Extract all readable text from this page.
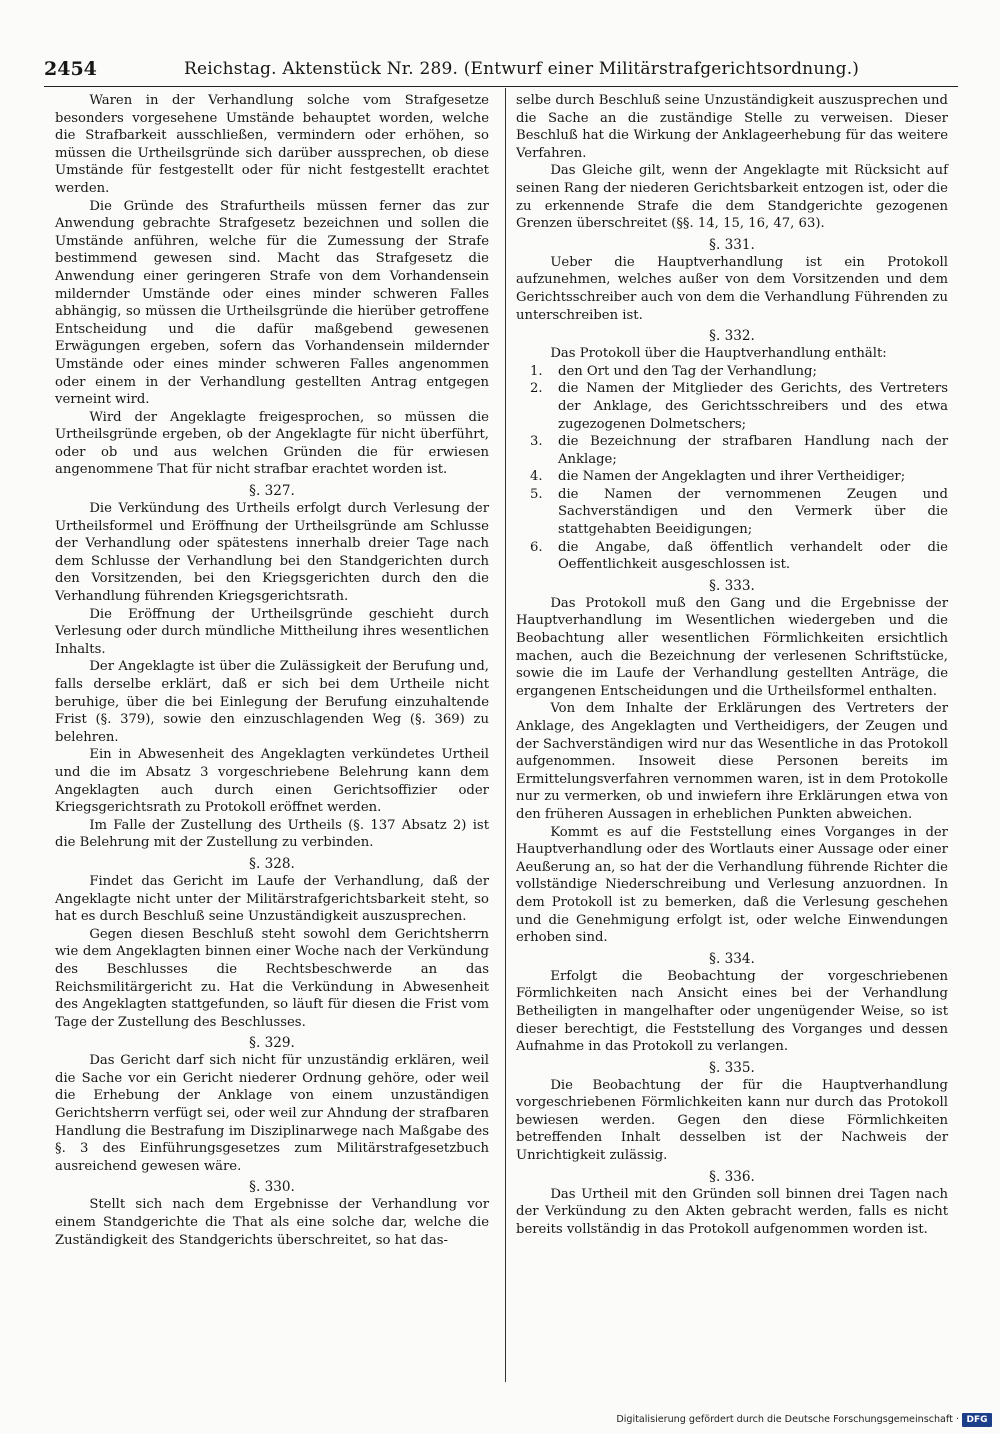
2454	Reichstag. Aktenstück Nr. 289. (Entwurf einer Militärstrafgerichtsordnung.)

Waren in der Verhandlung solche vom Strafgesetze besonders vorgesehene Umstände behauptet worden, welche die Strafbarkeit ausschließen, vermindern oder erhöhen, so müssen die Urtheilsgründe sich darüber aussprechen, ob diese Umstände für festgestellt oder für nicht festgestellt erachtet werden.

Die Gründe des Strafurtheils müssen ferner das zur Anwendung gebrachte Strafgesetz bezeichnen und sollen die Umstände anführen, welche für die Zumessung der Strafe bestimmend gewesen sind. Macht das Strafgesetz die Anwendung einer geringeren Strafe von dem Vorhandensein mildernder Umstände oder eines minder schweren Falles abhängig, so müssen die Urtheilsgründe die hierüber getroffene Entscheidung und die dafür maßgebend gewesenen Erwägungen ergeben, sofern das Vorhandensein mildernder Umstände oder eines minder schweren Falles angenommen oder einem in der Verhandlung gestellten Antrag entgegen verneint wird.

Wird der Angeklagte freigesprochen, so müssen die Urtheilsgründe ergeben, ob der Angeklagte für nicht überführt, oder ob und aus welchen Gründen die für erwiesen angenommene That für nicht strafbar erachtet worden ist.

§. 327.

Die Verkündung des Urtheils erfolgt durch Verlesung der Urtheilsformel und Eröffnung der Urtheilsgründe am Schlusse der Verhandlung oder spätestens innerhalb dreier Tage nach dem Schlusse der Verhandlung bei den Standgerichten durch den Vorsitzenden, bei den Kriegsgerichten durch den die Verhandlung führenden Kriegsgerichtsrath.

Die Eröffnung der Urtheilsgründe geschieht durch Verlesung oder durch mündliche Mittheilung ihres wesentlichen Inhalts.

Der Angeklagte ist über die Zulässigkeit der Berufung und, falls derselbe erklärt, daß er sich bei dem Urtheile nicht beruhige, über die bei Einlegung der Berufung einzuhaltende Frist (§. 379), sowie den einzuschlagenden Weg (§. 369) zu belehren.

Ein in Abwesenheit des Angeklagten verkündetes Urtheil und die im Absatz 3 vorgeschriebene Belehrung kann dem Angeklagten auch durch einen Gerichtsoffizier oder Kriegsgerichtsrath zu Protokoll eröffnet werden.

Im Falle der Zustellung des Urtheils (§. 137 Absatz 2) ist die Belehrung mit der Zustellung zu verbinden.

§. 328.

Findet das Gericht im Laufe der Verhandlung, daß der Angeklagte nicht unter der Militärstrafgerichtsbarkeit steht, so hat es durch Beschluß seine Unzuständigkeit auszusprechen.

Gegen diesen Beschluß steht sowohl dem Gerichtsherrn wie dem Angeklagten binnen einer Woche nach der Verkündung des Beschlusses die Rechtsbeschwerde an das Reichsmilitärgericht zu. Hat die Verkündung in Abwesenheit des Angeklagten stattgefunden, so läuft für diesen die Frist vom Tage der Zustellung des Beschlusses.

§. 329.

Das Gericht darf sich nicht für unzuständig erklären, weil die Sache vor ein Gericht niederer Ordnung gehöre, oder weil die Erhebung der Anklage von einem unzuständigen Gerichtsherrn verfügt sei, oder weil zur Ahndung der strafbaren Handlung die Bestrafung im Disziplinarwege nach Maßgabe des §. 3 des Einführungsgesetzes zum Militärstrafgesetzbuch ausreichend gewesen wäre.

§. 330.

Stellt sich nach dem Ergebnisse der Verhandlung vor einem Standgerichte die That als eine solche dar, welche die Zuständigkeit des Standgerichts überschreitet, so hat das-

selbe durch Beschluß seine Unzuständigkeit auszusprechen und die Sache an die zuständige Stelle zu verweisen. Dieser Beschluß hat die Wirkung der Anklageerhebung für das weitere Verfahren.

Das Gleiche gilt, wenn der Angeklagte mit Rücksicht auf seinen Rang der niederen Gerichtsbarkeit entzogen ist, oder die zu erkennende Strafe die dem Standgerichte gezogenen Grenzen überschreitet (§§. 14, 15, 16, 47, 63).

§. 331.

Ueber die Hauptverhandlung ist ein Protokoll aufzunehmen, welches außer von dem Vorsitzenden und dem Gerichtsschreiber auch von dem die Verhandlung Führenden zu unterschreiben ist.

§. 332.

Das Protokoll über die Hauptverhandlung enthält:

1. den Ort und den Tag der Verhandlung;
2. die Namen der Mitglieder des Gerichts, des Vertreters der Anklage, des Gerichtsschreibers und des etwa zugezogenen Dolmetschers;
3. die Bezeichnung der strafbaren Handlung nach der Anklage;
4. die Namen der Angeklagten und ihrer Vertheidiger;
5. die Namen der vernommenen Zeugen und Sachverständigen und den Vermerk über die stattgehabten Beeidigungen;
6. die Angabe, daß öffentlich verhandelt oder die Oeffentlichkeit ausgeschlossen ist.
§. 333.

Das Protokoll muß den Gang und die Ergebnisse der Hauptverhandlung im Wesentlichen wiedergeben und die Beobachtung aller wesentlichen Förmlichkeiten ersichtlich machen, auch die Bezeichnung der verlesenen Schriftstücke, sowie die im Laufe der Verhandlung gestellten Anträge, die ergangenen Entscheidungen und die Urtheilsformel enthalten.

Von dem Inhalte der Erklärungen des Vertreters der Anklage, des Angeklagten und Vertheidigers, der Zeugen und der Sachverständigen wird nur das Wesentliche in das Protokoll aufgenommen. Insoweit diese Personen bereits im Ermittelungsverfahren vernommen waren, ist in dem Protokolle nur zu vermerken, ob und inwiefern ihre Erklärungen etwa von den früheren Aussagen in erheblichen Punkten abweichen.

Kommt es auf die Feststellung eines Vorganges in der Hauptverhandlung oder des Wortlauts einer Aussage oder einer Aeußerung an, so hat der die Verhandlung führende Richter die vollständige Niederschreibung und Verlesung anzuordnen. In dem Protokoll ist zu bemerken, daß die Verlesung geschehen und die Genehmigung erfolgt ist, oder welche Einwendungen erhoben sind.

§. 334.

Erfolgt die Beobachtung der vorgeschriebenen Förmlichkeiten nach Ansicht eines bei der Verhandlung Betheiligten in mangelhafter oder ungenügender Weise, so ist dieser berechtigt, die Feststellung des Vorganges und dessen Aufnahme in das Protokoll zu verlangen.

§. 335.

Die Beobachtung der für die Hauptverhandlung vorgeschriebenen Förmlichkeiten kann nur durch das Protokoll bewiesen werden. Gegen den diese Förmlichkeiten betreffenden Inhalt desselben ist der Nachweis der Unrichtigkeit zulässig.

§. 336.

Das Urtheil mit den Gründen soll binnen drei Tagen nach der Verkündung zu den Akten gebracht werden, falls es nicht bereits vollständig in das Protokoll aufgenommen worden ist.

Digitalisierung gefördert durch die Deutsche Forschungsgemeinschaft · DFG
